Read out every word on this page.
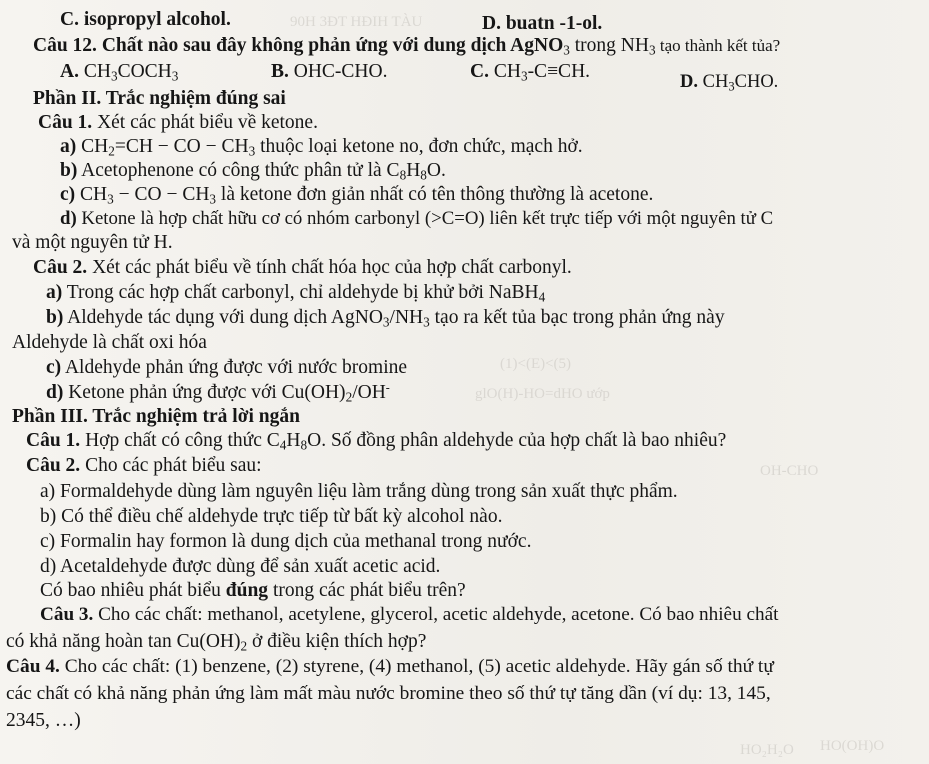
90H 3ĐT HĐIH TÀU
(1)<(E)<(5)
glO(H)-HO=dHO ướp
HO₂H₂O
OH-CHO
HO(OH)O
C. isopropyl alcohol.	D. buatn -1-ol.
Câu 12. Chất nào sau đây không phản ứng với dung dịch AgNO$_3$ trong $NH_3$ tạo thành kết tủa?
A. $CH_3COCH_3$	B. OHC-CHO.	C. $CH_3-C\equiv CH$.	D. $CH_3CHO$.
Phần II. Trắc nghiệm đúng sai
Câu 1. Xét các phát biểu về ketone.
a) $CH_2=CH$ − CO − $CH_3$ thuộc loại ketone no, đơn chức, mạch hở.
b) Acetophenone có công thức phân tử là $C_8H_8O$.
c) $CH_3$ − CO − $CH_3$ là ketone đơn giản nhất có tên thông thường là acetone.
d) Ketone là hợp chất hữu cơ có nhóm carbonyl (>C=O) liên kết trực tiếp với một nguyên tử C
và một nguyên tử H.
Câu 2. Xét các phát biểu về tính chất hóa học của hợp chất carbonyl.
a) Trong các hợp chất carbonyl, chỉ aldehyde bị khử bởi NaBH$_4$
b) Aldehyde tác dụng với dung dịch $AgNO_3/NH_3$ tạo ra kết tủa bạc trong phản ứng này
Aldehyde là chất oxi hóa
c) Aldehyde phản ứng được với nước bromine
d) Ketone phản ứng được với $Cu(OH)_2/OH^-$
Phần III. Trắc nghiệm trả lời ngắn
Câu 1. Hợp chất có công thức $C_4H_8O$. Số đồng phân aldehyde của hợp chất là bao nhiêu?
Câu 2. Cho các phát biểu sau:
a) Formaldehyde dùng làm nguyên liệu làm trắng dùng trong sản xuất thực phẩm.
b) Có thể điều chế aldehyde trực tiếp từ bất kỳ alcohol nào.
c) Formalin hay formon là dung dịch của methanal trong nước.
d) Acetaldehyde được dùng để sản xuất acetic acid.
Có bao nhiêu phát biểu đúng trong các phát biểu trên?
Câu 3. Cho các chất: methanol, acetylene, glycerol, acetic aldehyde, acetone. Có bao nhiêu chất
có khả năng hoàn $\tan Cu(OH)_2$ ở điều kiện thích hợp?
Câu 4. Cho các chất: (1) benzene, (2) styrene, (4) methanol, (5) acetic aldehyde. Hãy gán số thứ tự
các chất có khả năng phản ứng làm mất màu nước bromine theo số thứ tự tăng dần (ví dụ: 13, 145,
2345, …)
